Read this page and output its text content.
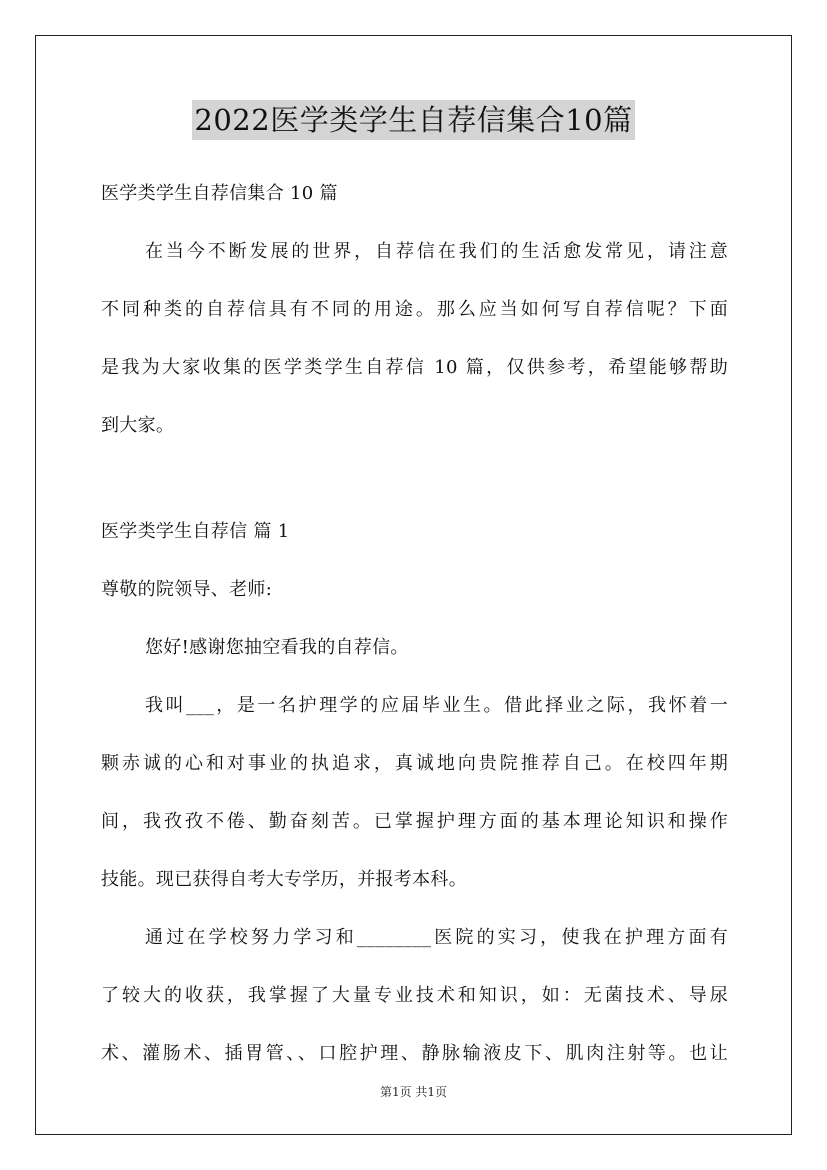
2022医学类学生自荐信集合10篇
医学类学生自荐信集合 10 篇
在当今不断发展的世界，自荐信在我们的生活愈发常见，请注意
不同种类的自荐信具有不同的用途。那么应当如何写自荐信呢？下面
是我为大家收集的医学类学生自荐信 10 篇，仅供参考，希望能够帮助
到大家。
医学类学生自荐信 篇 1
尊敬的院领导、老师:
您好!感谢您抽空看我的自荐信。
我叫___，是一名护理学的应届毕业生。借此择业之际，我怀着一
颗赤诚的心和对事业的执追求，真诚地向贵院推荐自己。在校四年期
间，我孜孜不倦、勤奋刻苦。已掌握护理方面的基本理论知识和操作
技能。现已获得自考大专学历，并报考本科。
通过在学校努力学习和________医院的实习，使我在护理方面有
了较大的收获，我掌握了大量专业技术和知识，如：无菌技术、导尿
术、灌肠术、插胃管、、口腔护理、静脉输液皮下、肌肉注射等。也让
第1页 共1页
